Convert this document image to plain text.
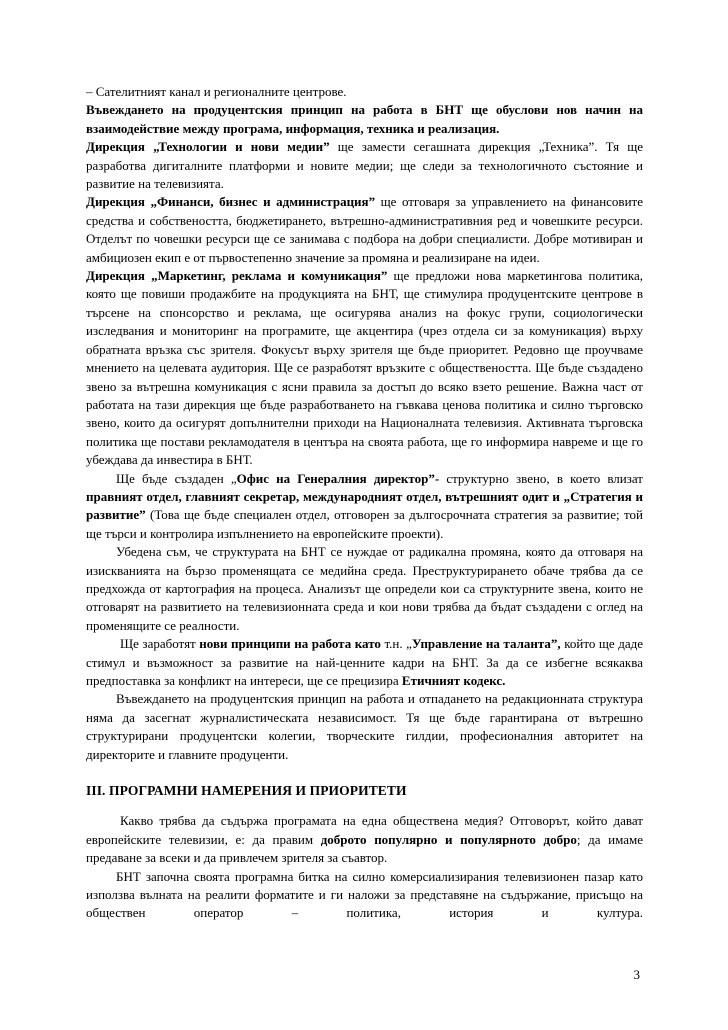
– Сателитният канал и регионалните центрове.

Въвеждането на продуцентския принцип на работа в БНТ ще обуслови нов начин на взаимодействие между програма, информация, техника и реализация.

Дирекция „Технологии и нови медии” ще замести сегашната дирекция „Техника”. Тя ще разработва дигиталните платформи и новите медии; ще следи за технологичното състояние и развитие на телевизията.

Дирекция „Финанси, бизнес и администрация” ще отговаря за управлението на финансовите средства и собствеността, бюджетирането, вътрешно-административния ред и човешките ресурси. Отделът по човешки ресурси ще се занимава с подбора на добри специалисти. Добре мотивиран и амбициозен екип е от първостепенно значение за промяна и реализиране на идеи.

Дирекция „Маркетинг, реклама и комуникация” ще предложи нова маркетингова политика, която ще повиши продажбите на продукцията на БНТ, ще стимулира продуцентските центрове в търсене на спонсорство и реклама, ще осигурява анализ на фокус групи, социологически изследвания и мониторинг на програмите, ще акцентира (чрез отдела си за комуникация) върху обратната връзка със зрителя. Фокусът върху зрителя ще бъде приоритет. Редовно ще проучваме мнението на целевата аудитория. Ще се разработят връзките с обществеността. Ще бъде създадено звено за вътрешна комуникация с ясни правила за достъп до всяко взето решение. Важна част от работата на тази дирекция ще бъде разработването на гъвкава ценова политика и силно търговско звено, които да осигурят допълнителни приходи на Националната телевизия. Активната търговска политика ще постави рекламодателя в центъра на своята работа, ще го информира навреме и ще го убеждава да инвестира в БНТ.

Ще бъде създаден „Офис на Генералния директор”- структурно звено, в което влизат правният отдел, главният секретар, международният отдел, вътрешният одит и „Стратегия и развитие” (Това ще бъде специален отдел, отговорен за дългосрочната стратегия за развитие; той ще търси и контролира изпълнението на европейските проекти).

Убедена съм, че структурата на БНТ се нуждае от радикална промяна, която да отговаря на изискванията на бързо променящата се медийна среда. Преструктурирането обаче трябва да се предхожда от картография на процеса. Анализът ще определи кои са структурните звена, които не отговарят на развитието на телевизионната среда и кои нови трябва да бъдат създадени с оглед на променящите се реалности.

Ще заработят нови принципи на работа като т.н. „Управление на таланта”, който ще даде стимул и възможност за развитие на най-ценните кадри на БНТ. За да се избегне всякаква предпоставка за конфликт на интереси, ще се прецизира Етичният кодекс.

Въвеждането на продуцентския принцип на работа и отпадането на редакционната структура няма да засегнат журналистическата независимост. Тя ще бъде гарантирана от вътрешно структурирани продуцентски колегии, творческите гилдии, професионалния авторитет на директорите и главните продуценти.

III. ПРОГРАМНИ НАМЕРЕНИЯ И ПРИОРИТЕТИ

Какво трябва да съдържа програмата на една обществена медия? Отговорът, който дават европейските телевизии, е: да правим доброто популярно и популярното добро; да имаме предаване за всеки и да привлечем зрителя за съавтор.

БНТ започна своята програмна битка на силно комерсиализирания телевизионен пазар като използва вълната на реалити форматите и ги наложи за представяне на съдържание, присъщо на обществен оператор – политика, история и култура.

3
